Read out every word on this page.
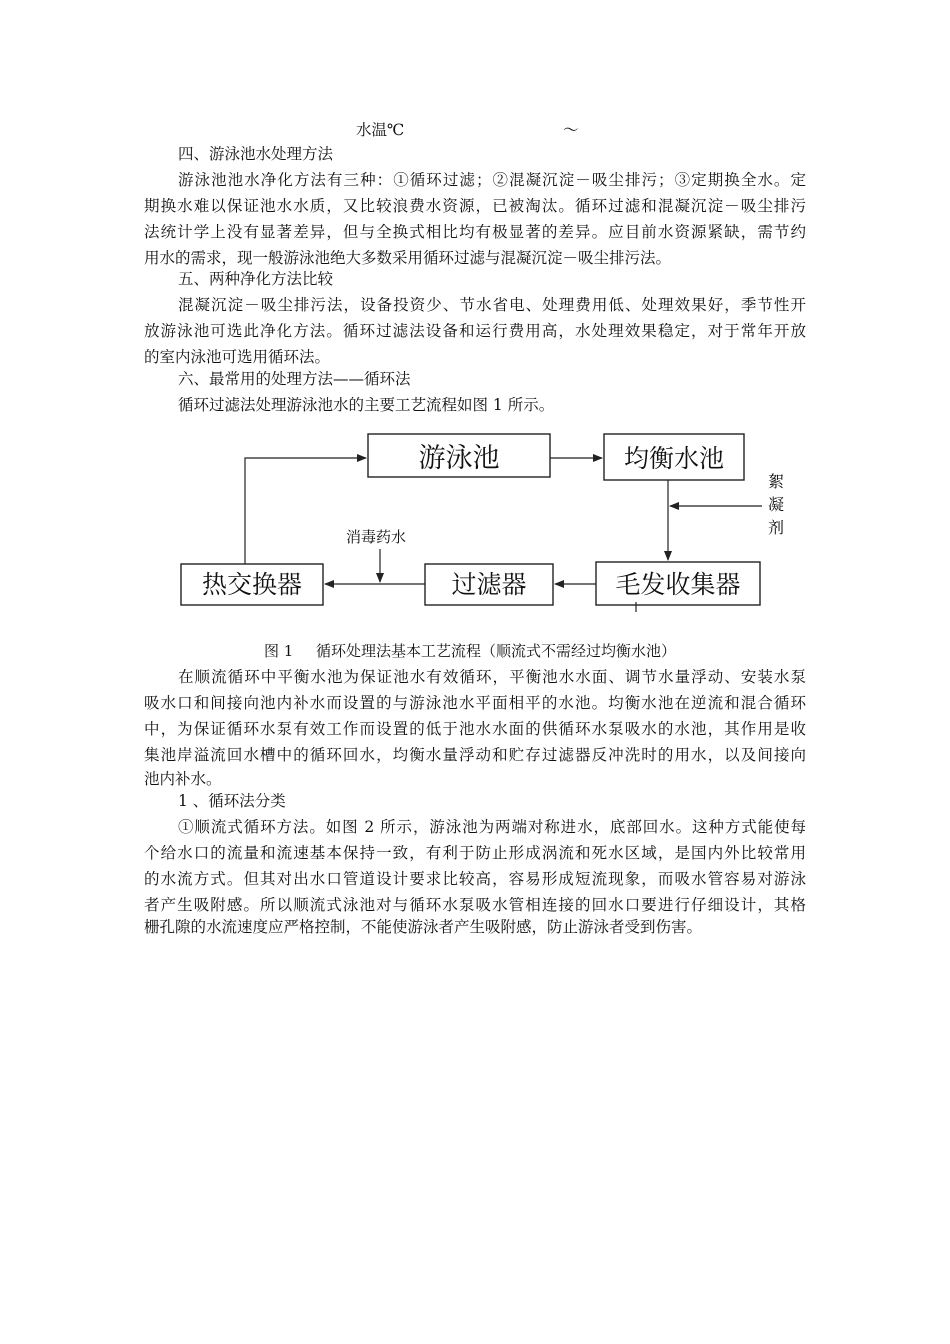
水温℃	～
四、游泳池水处理方法
游泳池池水净化方法有三种：①循环过滤；②混凝沉淀－吸尘排污；③定期换全水。定
期换水难以保证池水水质，又比较浪费水资源，已被淘汰。循环过滤和混凝沉淀－吸尘排污
法统计学上没有显著差异，但与全换式相比均有极显著的差异。应目前水资源紧缺，需节约
用水的需求，现一般游泳池绝大多数采用循环过滤与混凝沉淀－吸尘排污法。
五、两种净化方法比较
混凝沉淀－吸尘排污法，设备投资少、节水省电、处理费用低、处理效果好，季节性开
放游泳池可选此净化方法。循环过滤法设备和运行费用高，水处理效果稳定，对于常年开放
的室内泳池可选用循环法。
六、最常用的处理方法——循环法
循环过滤法处理游泳池水的主要工艺流程如图 1 所示。
游泳池	均衡水池
毛发收集器
过滤器
热交换器
消毒药水
絮
凝
剂
图 1 循环处理法基本工艺流程（顺流式不需经过均衡水池）
在顺流循环中平衡水池为保证池水有效循环，平衡池水水面、调节水量浮动、安装水泵
吸水口和间接向池内补水而设置的与游泳池水平面相平的水池。均衡水池在逆流和混合循环
中，为保证循环水泵有效工作而设置的低于池水水面的供循环水泵吸水的水池，其作用是收
集池岸溢流回水槽中的循环回水，均衡水量浮动和贮存过滤器反冲洗时的用水，以及间接向
池内补水。
1 、循环法分类
①顺流式循环方法。如图 2 所示，游泳池为两端对称进水，底部回水。这种方式能使每
个给水口的流量和流速基本保持一致，有利于防止形成涡流和死水区域，是国内外比较常用
的水流方式。但其对出水口管道设计要求比较高，容易形成短流现象，而吸水管容易对游泳
者产生吸附感。所以顺流式泳池对与循环水泵吸水管相连接的回水口要进行仔细设计，其格
栅孔隙的水流速度应严格控制，不能使游泳者产生吸附感，防止游泳者受到伤害。
